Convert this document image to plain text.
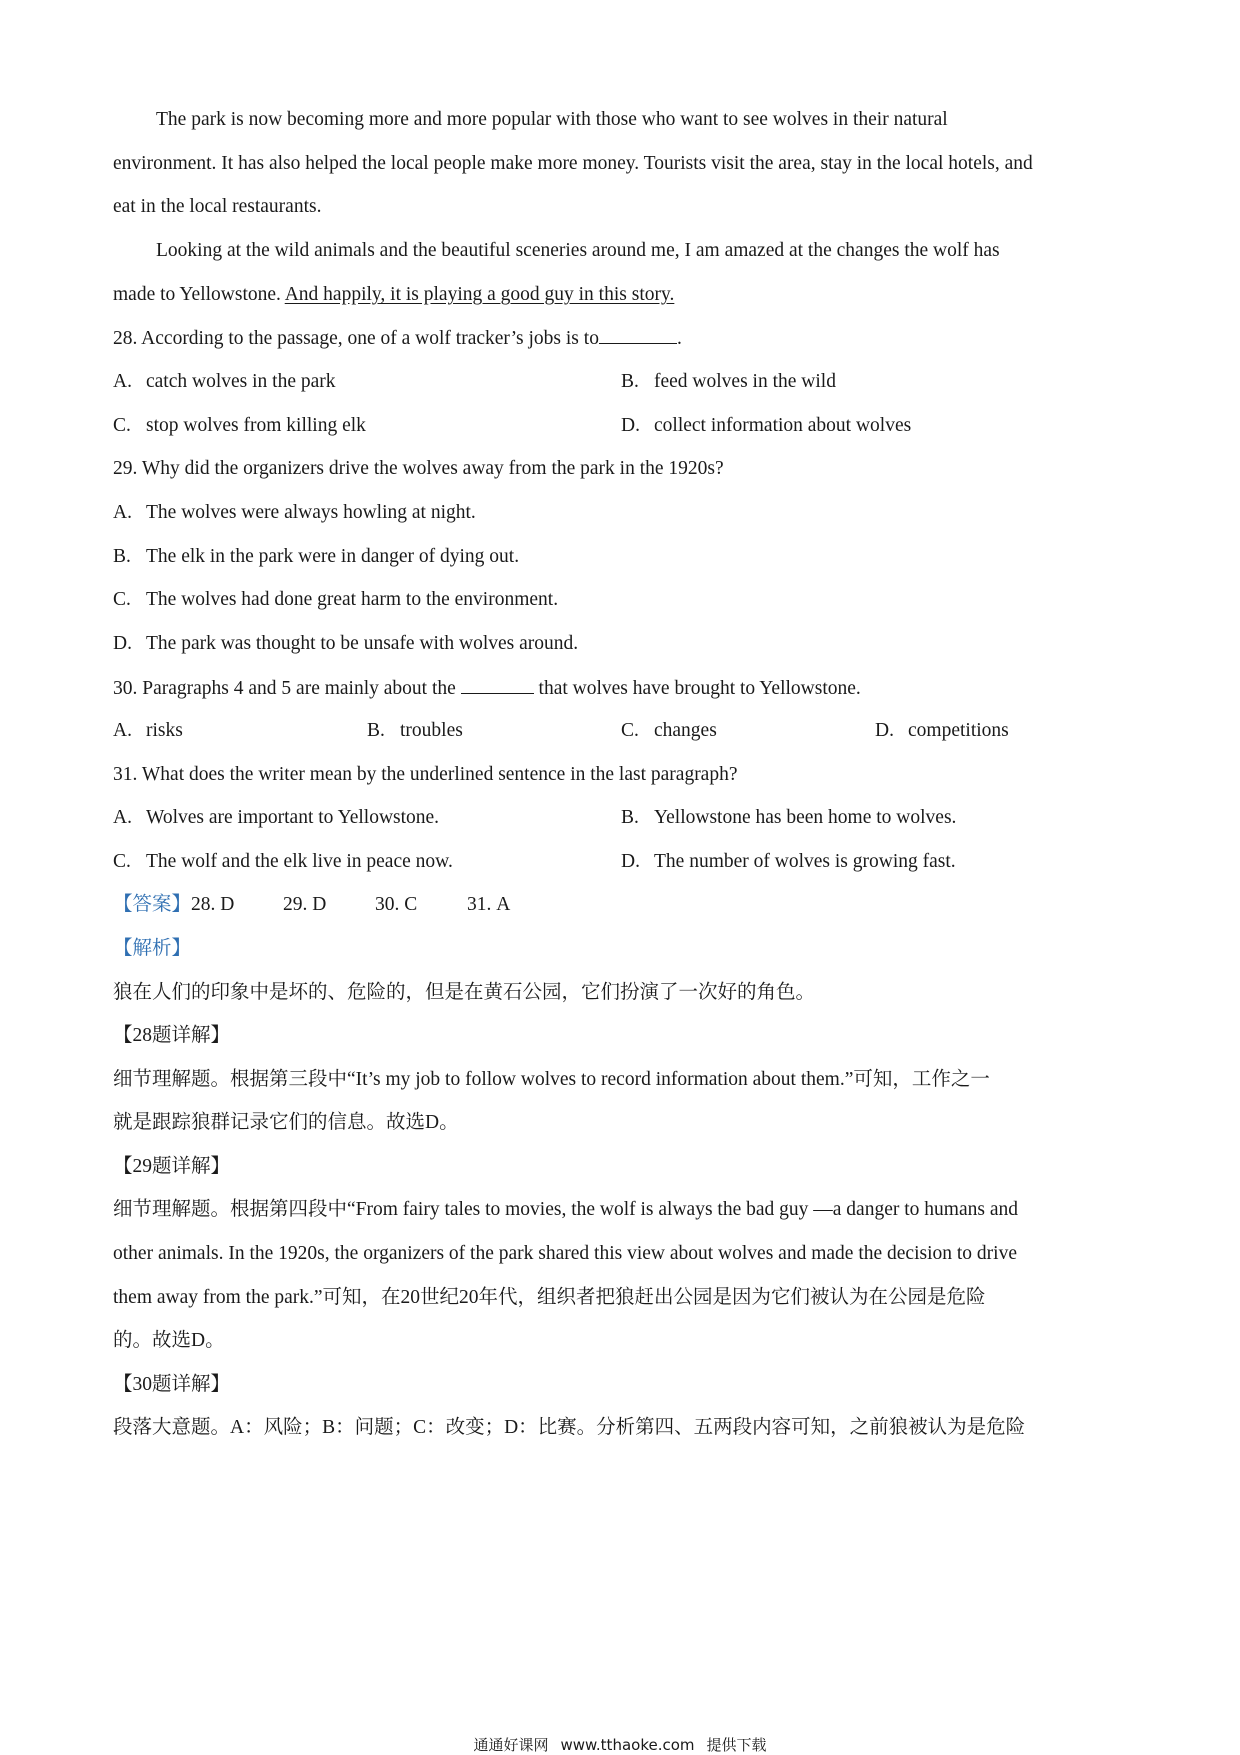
The park is now becoming more and more popular with those who want to see wolves in their natural
environment. It has also helped the local people make more money. Tourists visit the area, stay in the local hotels, and
eat in the local restaurants.
Looking at the wild animals and the beautiful sceneries around me, I am amazed at the changes the wolf has
made to Yellowstone. And happily, it is playing a good guy in this story.
28. According to the passage, one of a wolf tracker’s jobs is to	.
A. catch wolves in the park	B. feed wolves in the wild
C. stop wolves from killing elk	D. collect information about wolves
29. Why did the organizers drive the wolves away from the park in the 1920s?
A. The wolves were always howling at night.
B. The elk in the park were in danger of dying out.
C. The wolves had done great harm to the environment.
D. The park was thought to be unsafe with wolves around.
30. Paragraphs 4 and 5 are mainly about the	that wolves have brought to Yellowstone.
A. risks	B. troubles	C. changes	D. competitions
31. What does the writer mean by the underlined sentence in the last paragraph?
A. Wolves are important to Yellowstone.	B. Yellowstone has been home to wolves.
C. The wolf and the elk live in peace now.	D. The number of wolves is growing fast.
【答案】28. D 29. D 30. C	31. A
【解析】
狼在人们的印象中是坏的、危险的，但是在黄石公园，它们扮演了一次好的角色。
【28题详解】
细节理解题。根据第三段中“It’s my job to follow wolves to record information about them.”可知，工作之一
就是跟踪狼群记录它们的信息。故选D。
【29题详解】
细节理解题。根据第四段中“From fairy tales to movies, the wolf is always the bad guy —a danger to humans and
other animals. In the 1920s, the organizers of the park shared this view about wolves and made the decision to drive
them away from the park.”可知，在20世纪20年代，组织者把狼赶出公园是因为它们被认为在公园是危险
的。故选D。
【30题详解】
段落大意题。A：风险；B：问题；C：改变；D：比赛。分析第四、五两段内容可知，之前狼被认为是危险
通通好课网 www.tthaoke.com 提供下载
